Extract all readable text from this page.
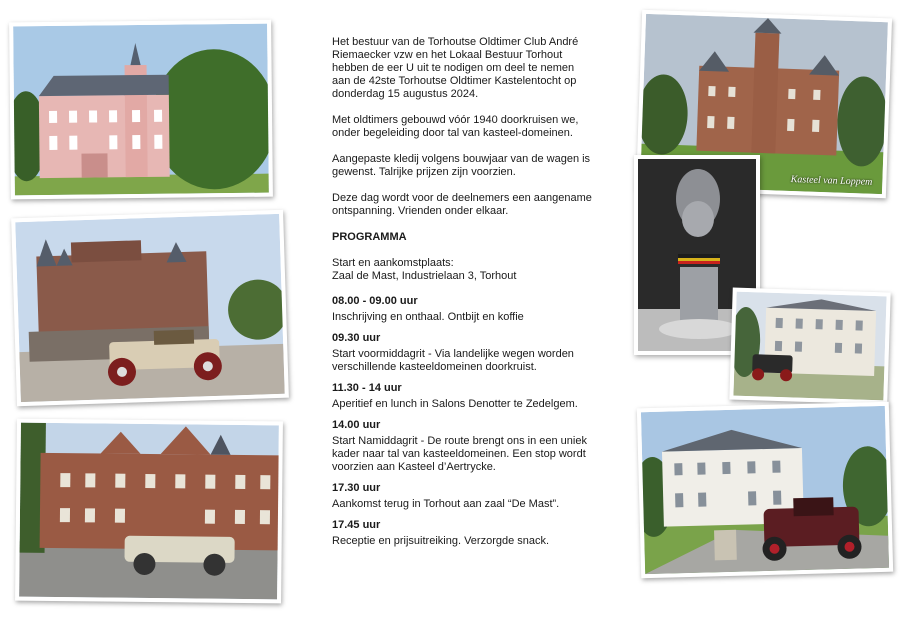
Het bestuur van de Torhoutse Oldtimer Club André Riemaecker vzw en het Lokaal Bestuur Torhout hebben de eer U uit te nodigen om deel te nemen aan de 42ste Torhoutse Oldtimer Kastelentocht op donderdag 15 augustus 2024.

Met oldtimers gebouwd vóór 1940 doorkruisen we, onder begeleiding door tal van kasteel-domeinen.

Aangepaste kledij volgens bouwjaar van de wagen is gewenst. Talrijke prijzen zijn voorzien.

Deze dag wordt voor de deelnemers een aangename ontspanning. Vrienden onder elkaar.

PROGRAMMA
Start en aankomstplaats:
Zaal de Mast, Industrielaan 3, Torhout
08.00 - 09.00 uur
Inschrijving en onthaal. Ontbijt en koffie
09.30 uur
Start voormiddagrit - Via landelijke wegen worden verschillende kasteeldomeinen doorkruist.
11.30 - 14 uur
Aperitief en lunch in Salons Denotter te Zedelgem.
14.00 uur
Start Namiddagrit - De route brengt ons in een uniek kader naar tal van kasteeldomeinen. Een stop wordt voorzien aan Kasteel d’Aertrycke.
17.30 uur
Aankomst terug in Torhout aan zaal “De Mast”.
17.45 uur
Receptie en prijsuitreiking. Verzorgde snack.
Kasteel van Loppem
